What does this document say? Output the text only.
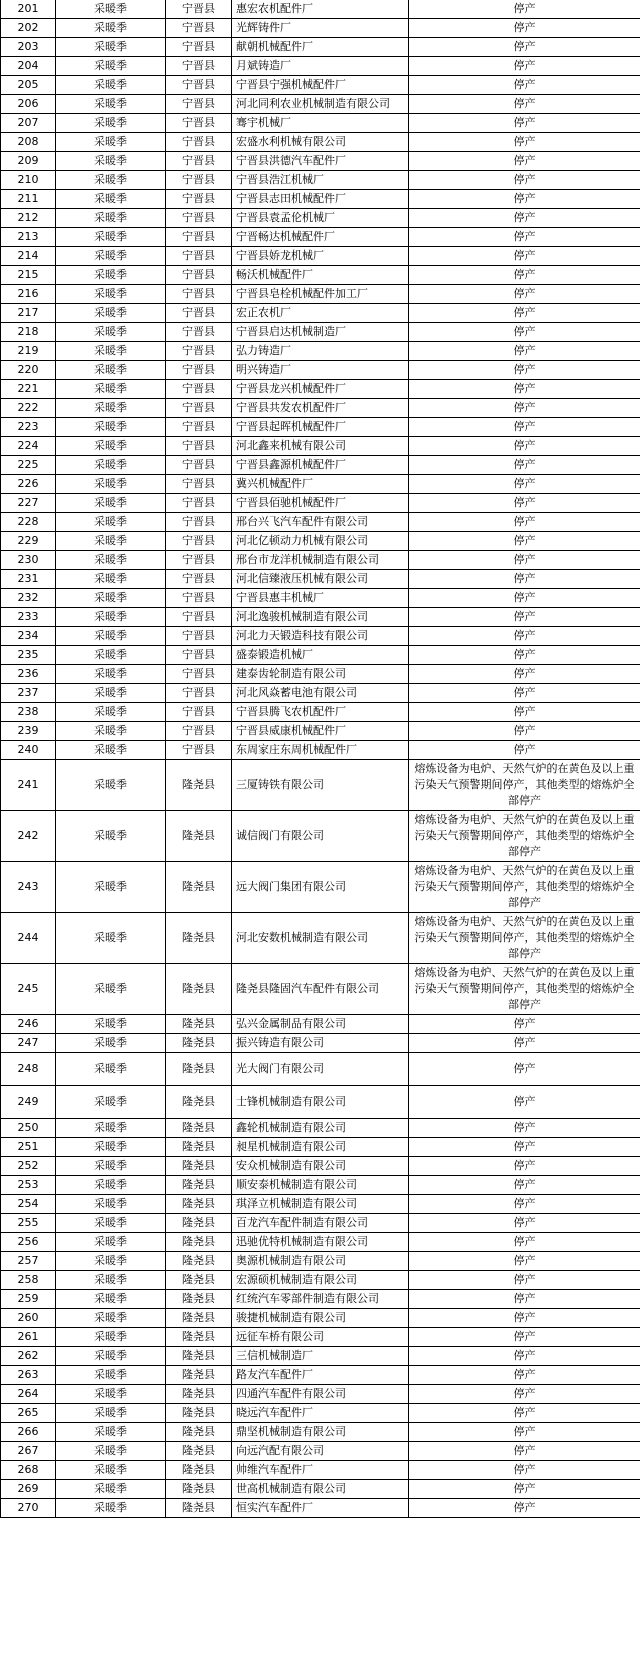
201	采暖季	宁晋县	惠宏农机配件厂	停产
202	采暖季	宁晋县	光辉铸件厂	停产
203	采暖季	宁晋县	献朝机械配件厂	停产
204	采暖季	宁晋县	月斌铸造厂	停产
205	采暖季	宁晋县	宁晋县宁强机械配件厂	停产
206	采暖季	宁晋县	河北同利农业机械制造有限公司	停产
207	采暖季	宁晋县	骞宇机械厂	停产
208	采暖季	宁晋县	宏盛水利机械有限公司	停产
209	采暖季	宁晋县	宁晋县洪德汽车配件厂	停产
210	采暖季	宁晋县	宁晋县浩江机械厂	停产
211	采暖季	宁晋县	宁晋县志田机械配件厂	停产
212	采暖季	宁晋县	宁晋县袁孟伦机械厂	停产
213	采暖季	宁晋县	宁晋畅达机械配件厂	停产
214	采暖季	宁晋县	宁晋县娇龙机械厂	停产
215	采暖季	宁晋县	畅沃机械配件厂	停产
216	采暖季	宁晋县	宁晋县皂栓机械配件加工厂	停产
217	采暖季	宁晋县	宏正农机厂	停产
218	采暖季	宁晋县	宁晋县启达机械制造厂	停产
219	采暖季	宁晋县	弘力铸造厂	停产
220	采暖季	宁晋县	明兴铸造厂	停产
221	采暖季	宁晋县	宁晋县龙兴机械配件厂	停产
222	采暖季	宁晋县	宁晋县共发农机配件厂	停产
223	采暖季	宁晋县	宁晋县起晖机械配件厂	停产
224	采暖季	宁晋县	河北鑫来机械有限公司	停产
225	采暖季	宁晋县	宁晋县鑫源机械配件厂	停产
226	采暖季	宁晋县	冀兴机械配件厂	停产
227	采暖季	宁晋县	宁晋县佰驰机械配件厂	停产
228	采暖季	宁晋县	邢台兴飞汽车配件有限公司	停产
229	采暖季	宁晋县	河北亿顿动力机械有限公司	停产
230	采暖季	宁晋县	邢台市龙洋机械制造有限公司	停产
231	采暖季	宁晋县	河北信臻液压机械有限公司	停产
232	采暖季	宁晋县	宁晋县惠丰机械厂	停产
233	采暖季	宁晋县	河北逸骏机械制造有限公司	停产
234	采暖季	宁晋县	河北力天锻造科技有限公司	停产
235	采暖季	宁晋县	盛泰锻造机械厂	停产
236	采暖季	宁晋县	建泰齿轮制造有限公司	停产
237	采暖季	宁晋县	河北风焱蓄电池有限公司	停产
238	采暖季	宁晋县	宁晋县腾飞农机配件厂	停产
239	采暖季	宁晋县	宁晋县威康机械配件厂	停产
240	采暖季	宁晋县	东周家庄东周机械配件厂	停产
241	采暖季	隆尧县	三厦铸铁有限公司	熔炼设备为电炉、天然气炉的在黄色及以上重污染天气预警期间停产，其他类型的熔炼炉全部停产
242	采暖季	隆尧县	诚信阀门有限公司	熔炼设备为电炉、天然气炉的在黄色及以上重污染天气预警期间停产，其他类型的熔炼炉全部停产
243	采暖季	隆尧县	远大阀门集团有限公司	熔炼设备为电炉、天然气炉的在黄色及以上重污染天气预警期间停产，其他类型的熔炼炉全部停产
244	采暖季	隆尧县	河北安数机械制造有限公司	熔炼设备为电炉、天然气炉的在黄色及以上重污染天气预警期间停产，其他类型的熔炼炉全部停产
245	采暖季	隆尧县	隆尧县隆固汽车配件有限公司	熔炼设备为电炉、天然气炉的在黄色及以上重污染天气预警期间停产，其他类型的熔炼炉全部停产
246	采暖季	隆尧县	弘兴金属制品有限公司	停产
247	采暖季	隆尧县	振兴铸造有限公司	停产
248	采暖季	隆尧县	光大阀门有限公司	停产
249	采暖季	隆尧县	士锋机械制造有限公司	停产
250	采暖季	隆尧县	鑫轮机械制造有限公司	停产
251	采暖季	隆尧县	昶星机械制造有限公司	停产
252	采暖季	隆尧县	安众机械制造有限公司	停产
253	采暖季	隆尧县	顺安泰机械制造有限公司	停产
254	采暖季	隆尧县	琪泽立机械制造有限公司	停产
255	采暖季	隆尧县	百龙汽车配件制造有限公司	停产
256	采暖季	隆尧县	迅驰优特机械制造有限公司	停产
257	采暖季	隆尧县	奥源机械制造有限公司	停产
258	采暖季	隆尧县	宏源硕机械制造有限公司	停产
259	采暖季	隆尧县	红统汽车零部件制造有限公司	停产
260	采暖季	隆尧县	骏捷机械制造有限公司	停产
261	采暖季	隆尧县	远征车桥有限公司	停产
262	采暖季	隆尧县	三信机械制造厂	停产
263	采暖季	隆尧县	路友汽车配件厂	停产
264	采暖季	隆尧县	四通汽车配件有限公司	停产
265	采暖季	隆尧县	晓远汽车配件厂	停产
266	采暖季	隆尧县	鼎坚机械制造有限公司	停产
267	采暖季	隆尧县	向远汽配有限公司	停产
268	采暖季	隆尧县	帅维汽车配件厂	停产
269	采暖季	隆尧县	世高机械制造有限公司	停产
270	采暖季	隆尧县	恒实汽车配件厂	停产
